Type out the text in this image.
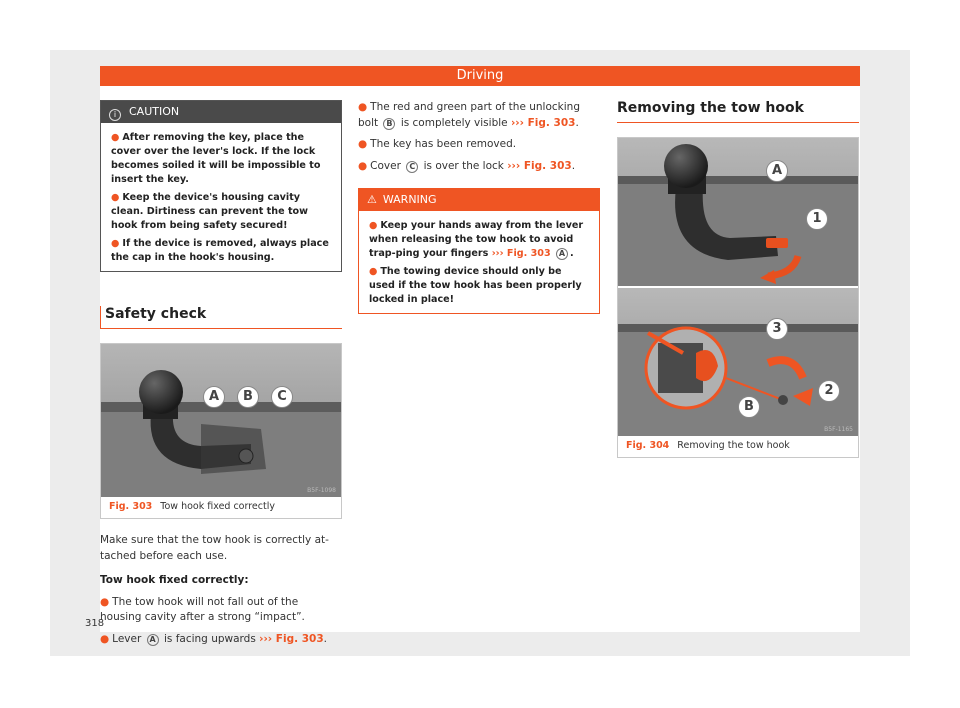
Driving
i CAUTION
● After removing the key, place the cover over the lever's lock. If the lock becomes soiled it will be impossible to insert the key.
● Keep the device's housing cavity clean. Dirtiness can prevent the tow hook from being safety secured!
● If the device is removed, always place the cap in the hook's housing.
Safety check
A	B	C
B5F-1098
Fig. 303 Tow hook fixed correctly
Make sure that the tow hook is correctly at-tached before each use.
Tow hook fixed correctly:
● The tow hook will not fall out of the housing cavity after a strong “impact”.
● Lever A is facing upwards ››› Fig. 303.
318
● The red and green part of the unlocking bolt B is completely visible ››› Fig. 303.
● The key has been removed.
● Cover C is over the lock ››› Fig. 303.
⚠ WARNING
● Keep your hands away from the lever when releasing the tow hook to avoid trap-ping your fingers ››› Fig. 303 A .
● The towing device should only be used if the tow hook has been properly locked in place!
Removing the tow hook
A
1
3
2
B
B5F-1165
Fig. 304 Removing the tow hook
